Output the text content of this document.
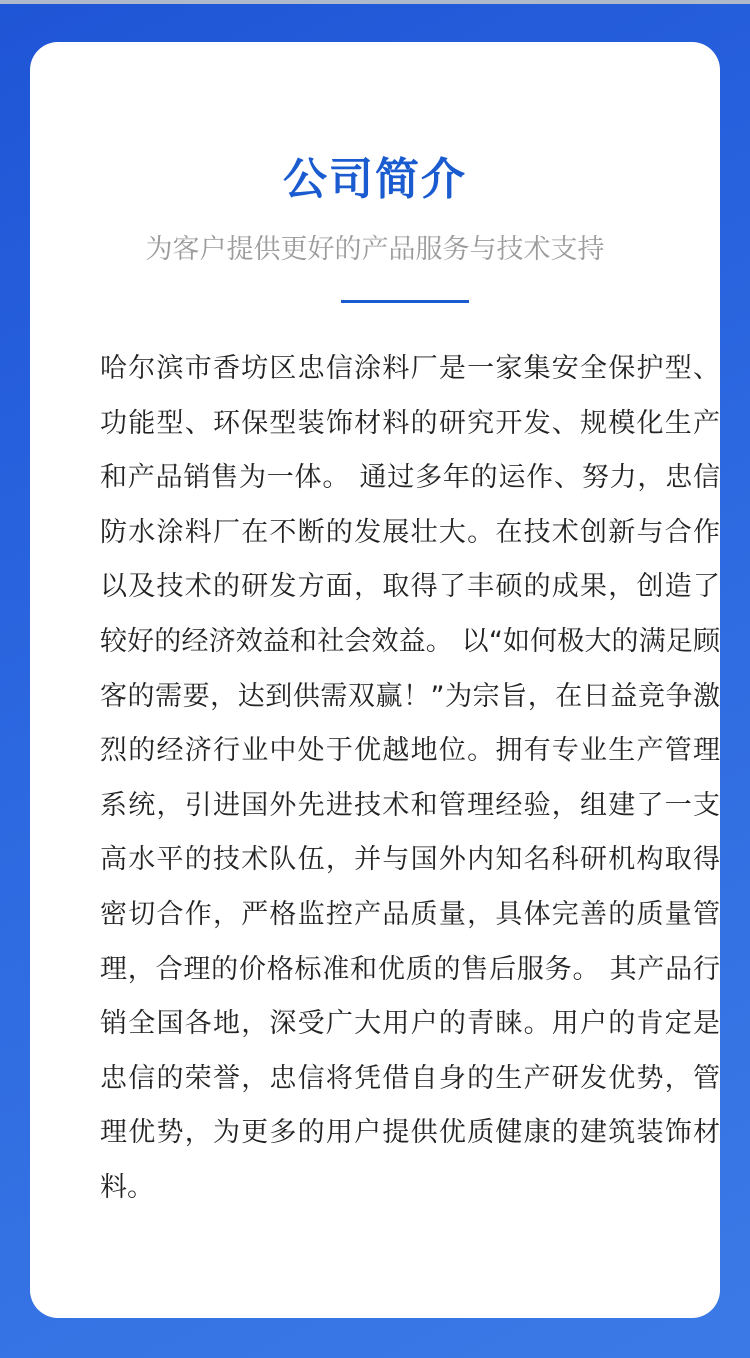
公司简介

为客户提供更好的产品服务与技术支持

哈尔滨市香坊区忠信涂料厂是一家集安全保护型、功能型、环保型装饰材料的研究开发、规模化生产和产品销售为一体。 通过多年的运作、努力，忠信防水涂料厂在不断的发展壮大。在技术创新与合作以及技术的研发方面，取得了丰硕的成果，创造了较好的经济效益和社会效益。 以“如何极大的满足顾客的需要，达到供需双赢！”为宗旨，在日益竞争激烈的经济行业中处于优越地位。拥有专业生产管理系统，引进国外先进技术和管理经验，组建了一支高水平的技术队伍，并与国外内知名科研机构取得密切合作，严格监控产品质量，具体完善的质量管理，合理的价格标准和优质的售后服务。 其产品行销全国各地，深受广大用户的青睐。用户的肯定是忠信的荣誉，忠信将凭借自身的生产研发优势，管理优势，为更多的用户提供优质健康的建筑装饰材料。
